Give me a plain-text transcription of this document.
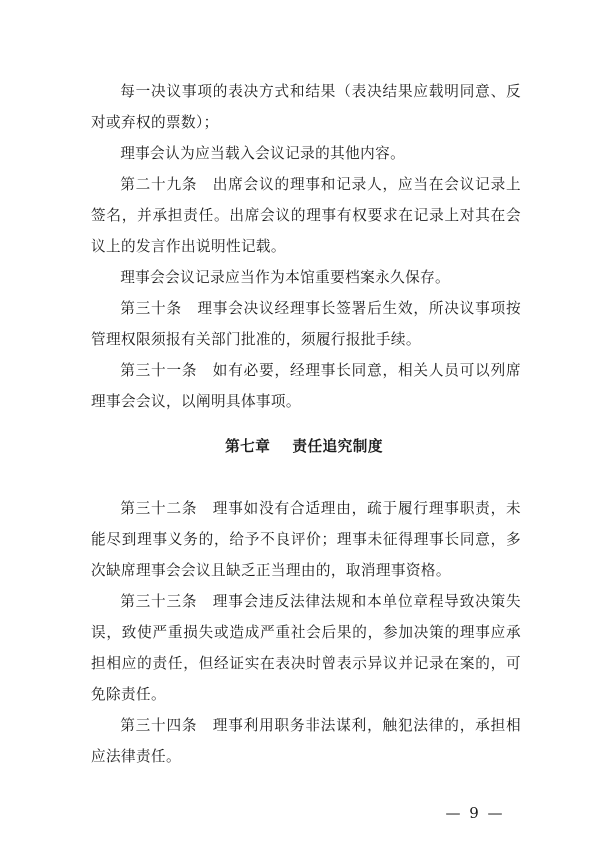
每一决议事项的表决方式和结果（表决结果应载明同意、反对或弃权的票数）；

理事会认为应当载入会议记录的其他内容。

第二十九条　出席会议的理事和记录人，应当在会议记录上签名，并承担责任。出席会议的理事有权要求在记录上对其在会议上的发言作出说明性记载。

理事会会议记录应当作为本馆重要档案永久保存。

第三十条　理事会决议经理事长签署后生效，所决议事项按管理权限须报有关部门批准的，须履行报批手续。

第三十一条　如有必要，经理事长同意，相关人员可以列席理事会会议，以阐明具体事项。

第七章 责任追究制度

第三十二条　理事如没有合适理由，疏于履行理事职责，未能尽到理事义务的，给予不良评价；理事未征得理事长同意，多次缺席理事会会议且缺乏正当理由的，取消理事资格。

第三十三条　理事会违反法律法规和本单位章程导致决策失误，致使严重损失或造成严重社会后果的，参加决策的理事应承担相应的责任，但经证实在表决时曾表示异议并记录在案的，可免除责任。

第三十四条　理事利用职务非法谋利，触犯法律的，承担相应法律责任。

— 9 —
